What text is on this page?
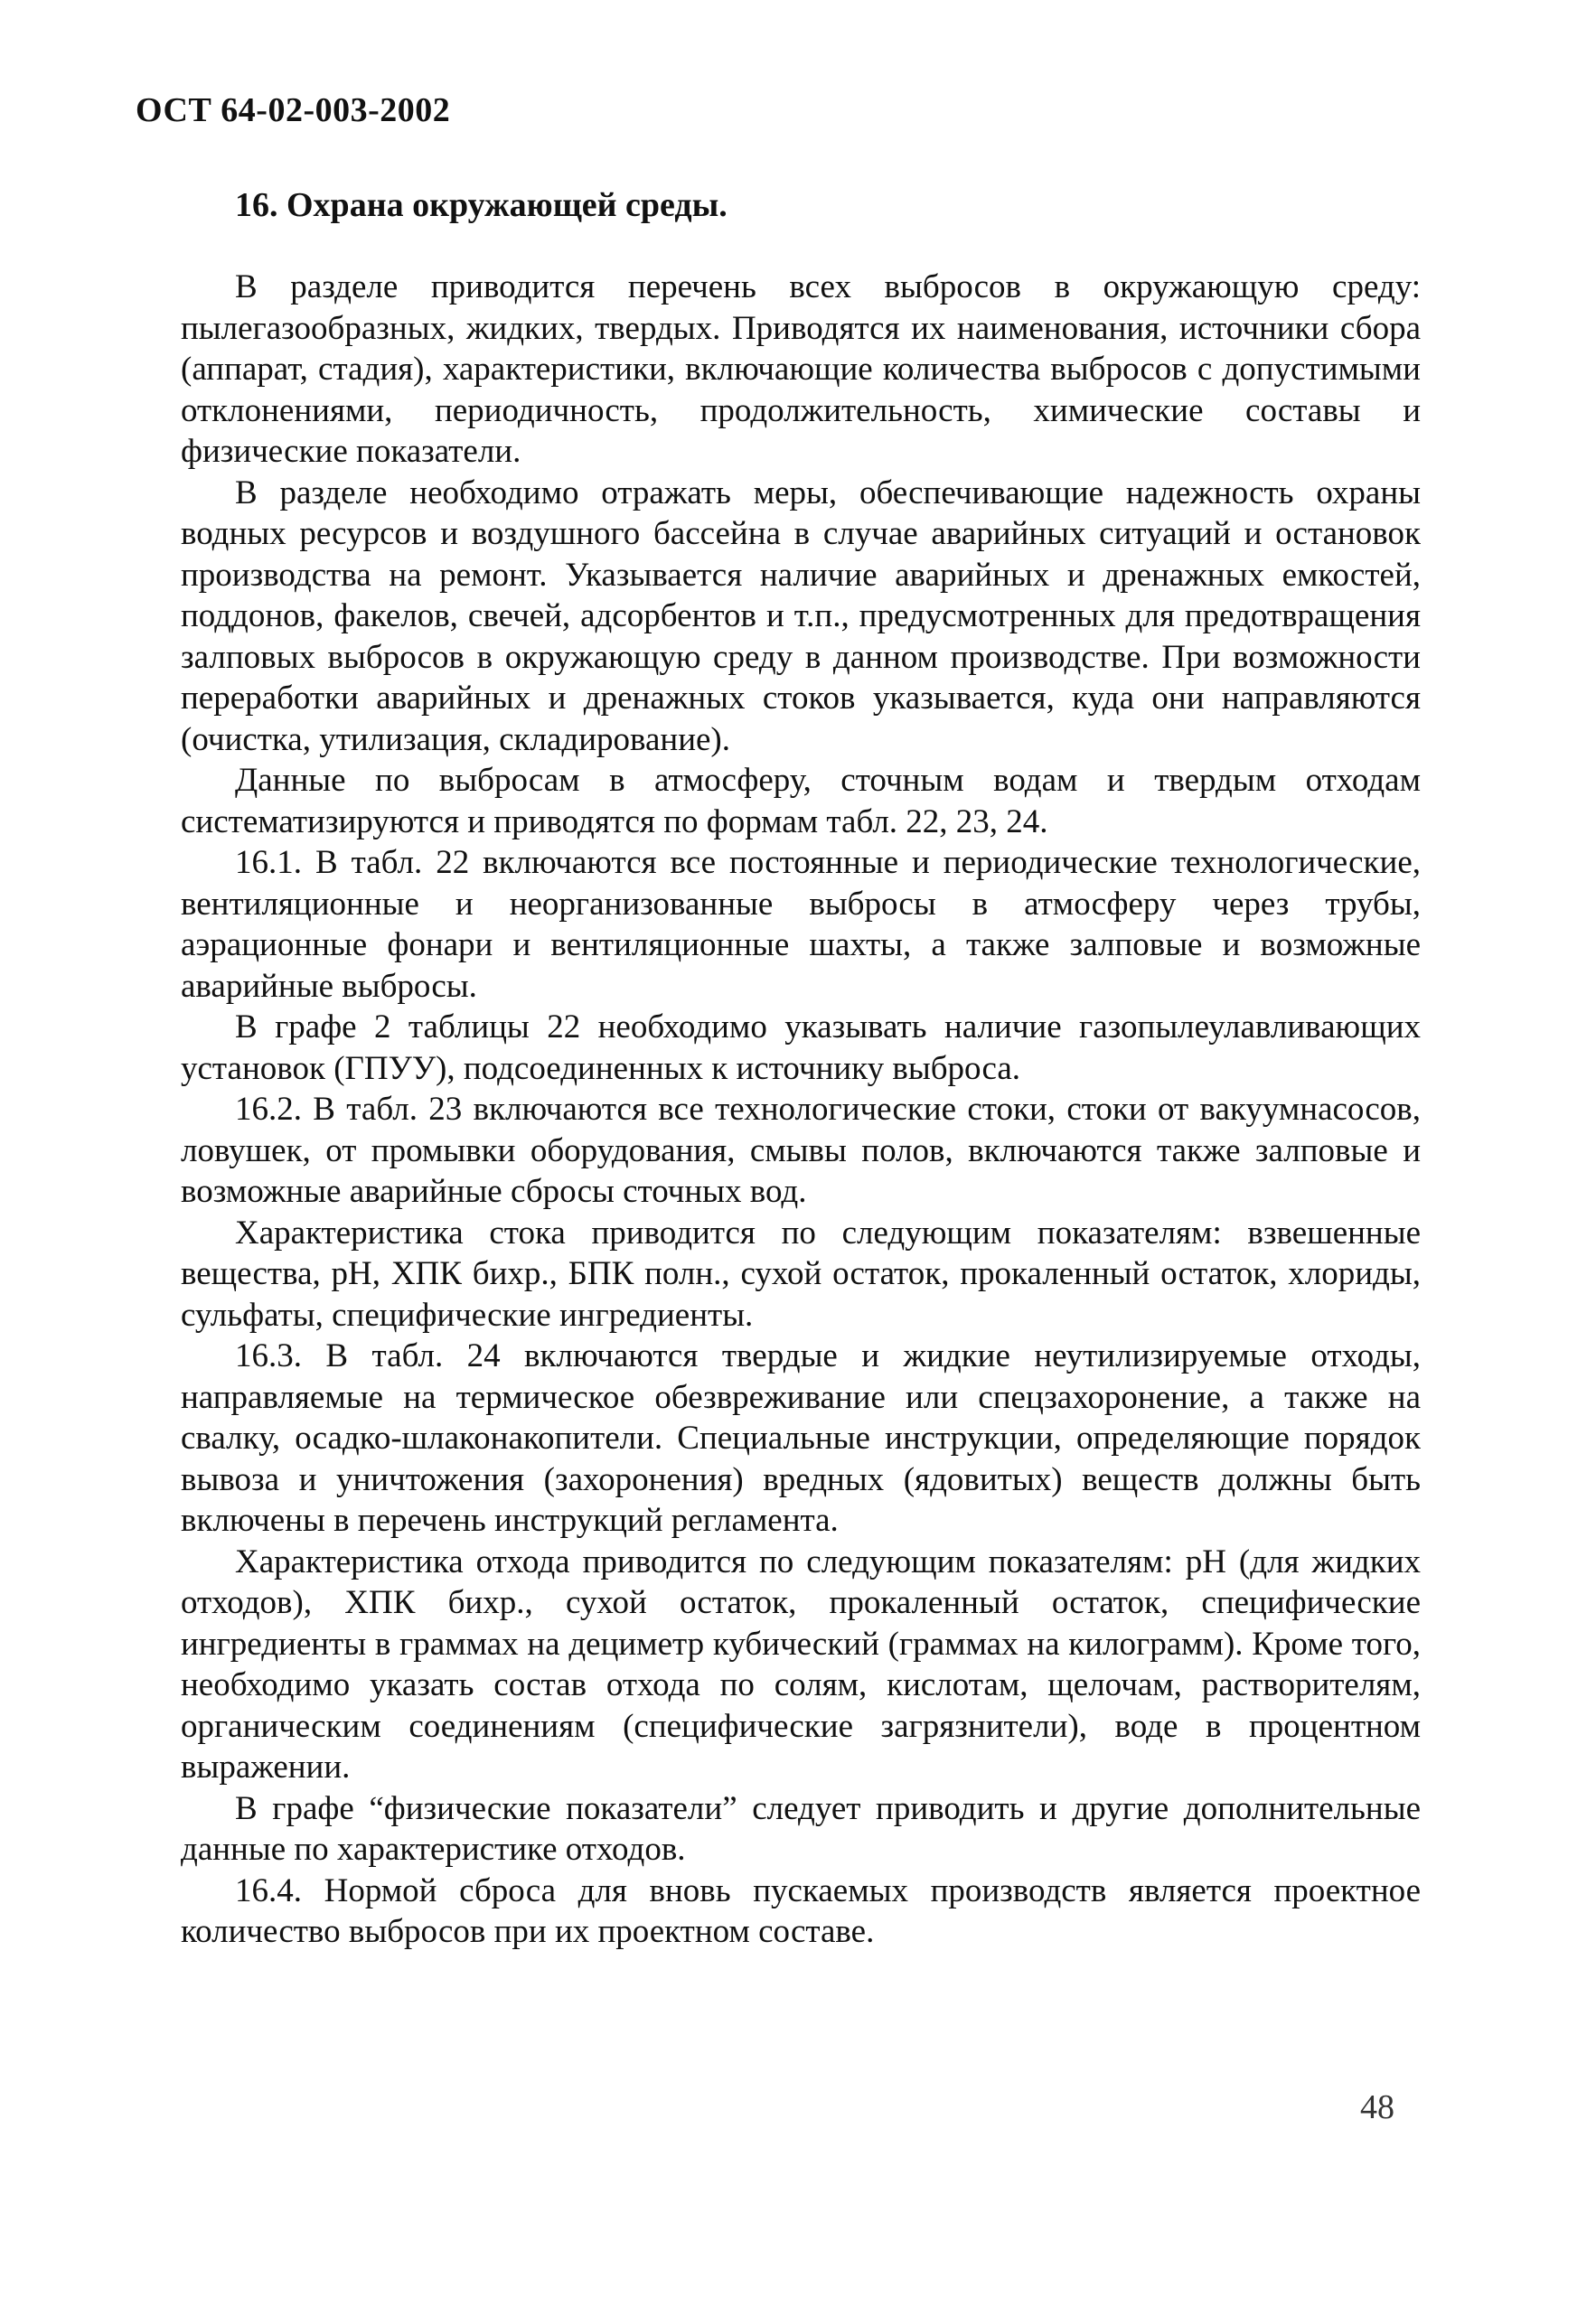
ОСТ 64-02-003-2002
16. Охрана окружающей среды.

В разделе приводится перечень всех выбросов в окружающую среду: пылегазообразных, жидких, твердых. Приводятся их наименования, источники сбора (аппарат, стадия), характеристики, включающие количества выбросов с допустимыми отклонениями, периодичность, продолжительность, химические составы и физические показатели.

В разделе необходимо отражать меры, обеспечивающие надежность охраны водных ресурсов и воздушного бассейна в случае аварийных ситуаций и остановок производства на ремонт. Указывается наличие аварийных и дренажных емкостей, поддонов, факелов, свечей, адсорбентов и т.п., предусмотренных для предотвращения залповых выбросов в окружающую среду в данном производстве. При возможности переработки аварийных и дренажных стоков указывается, куда они направляются (очистка, утилизация, складирование).

Данные по выбросам в атмосферу, сточным водам и твердым отходам систематизируются и приводятся по формам табл. 22, 23, 24.

16.1. В табл. 22 включаются все постоянные и периодические технологические, вентиляционные и неорганизованные выбросы в атмосферу через трубы, аэрационные фонари и вентиляционные шахты, а также залповые и возможные аварийные выбросы.

В графе 2 таблицы 22 необходимо указывать наличие газопылеулавливающих установок (ГПУУ), подсоединенных к источнику выброса.

16.2. В табл. 23 включаются все технологические стоки, стоки от вакуумнасосов, ловушек, от промывки оборудования, смывы полов, включаются также залповые и возможные аварийные сбросы сточных вод.

Характеристика стока приводится по следующим показателям: взвешенные вещества, pH, ХПК бихр., БПК полн., сухой остаток, прокаленный остаток, хлориды, сульфаты, специфические ингредиенты.

16.3. В табл. 24 включаются твердые и жидкие неутилизируемые отходы, направляемые на термическое обезвреживание или спецзахоронение, а также на свалку, осадко-шлаконакопители. Специальные инструкции, определяющие порядок вывоза и уничтожения (захоронения) вредных (ядовитых) веществ должны быть включены в перечень инструкций регламента.

Характеристика отхода приводится по следующим показателям: pH (для жидких отходов), ХПК бихр., сухой остаток, прокаленный остаток, специфические ингредиенты в граммах на дециметр кубический (граммах на килограмм). Кроме того, необходимо указать состав отхода по солям, кислотам, щелочам, растворителям, органическим соединениям (специфические загрязнители), воде в процентном выражении.

В графе “физические показатели” следует приводить и другие дополнительные данные по характеристике отходов.

16.4. Нормой сброса для вновь пускаемых производств является проектное количество выбросов при их проектном составе.

48
